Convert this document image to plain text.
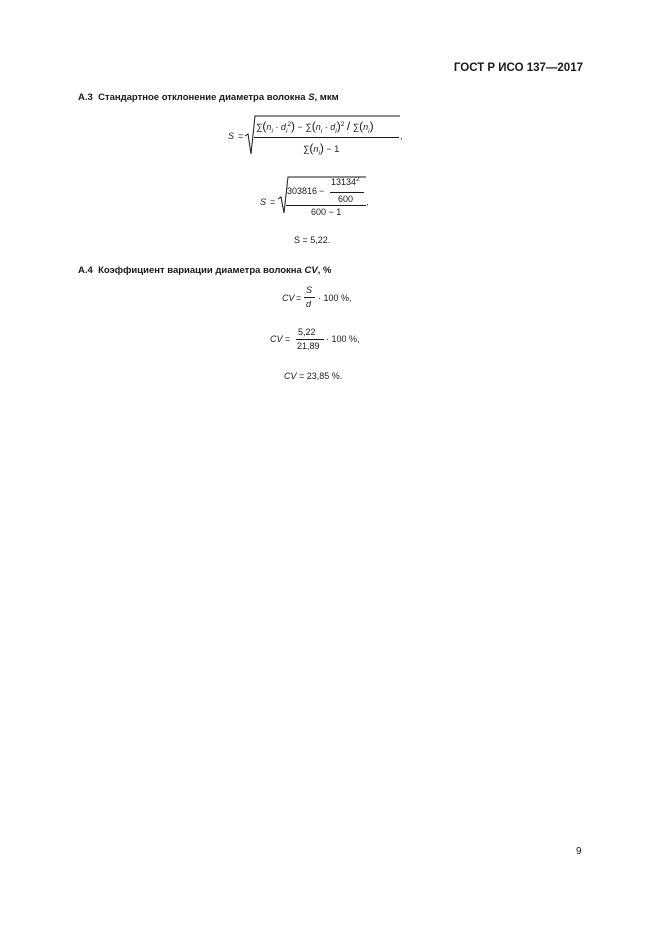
ГОСТ Р ИСО 137—2017
А.3 Стандартное отклонение диаметра волокна S, мкм
S =
$\sum(n_i \cdot d_i^2) - \sum(n_i \cdot d_i)^2 / \sum(n_i)$
$\sum(n_i) - 1$
,
S =
303816 −
$13134^2$
600
600 − 1
,
S = 5,22.
А.4 Коэффициент вариации диаметра волокна CV, %
CV =
S
d
· 100 %,
CV =
5,22
21,89
· 100 %,
CV = 23,85 %.
9
